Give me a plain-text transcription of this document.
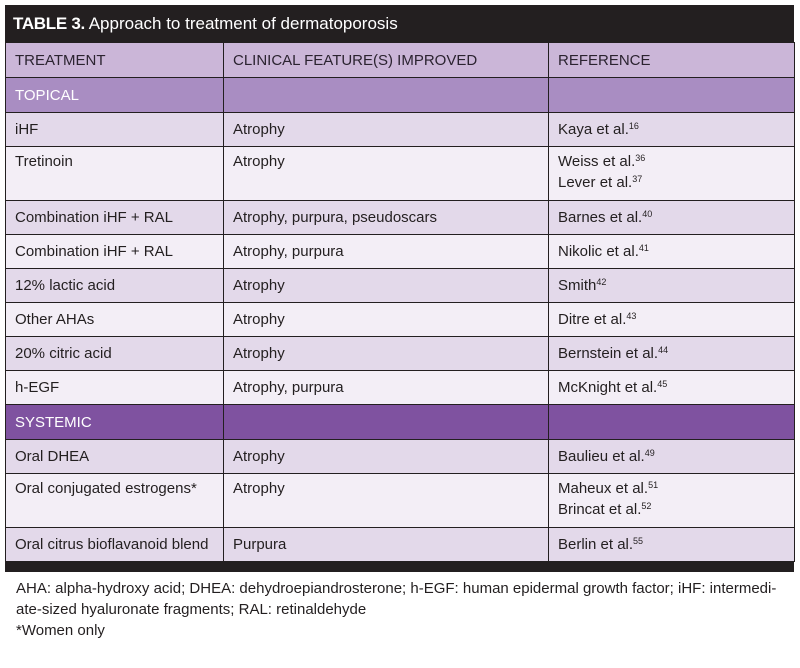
TABLE 3. Approach to treatment of dermatoporosis
TREATMENT	CLINICAL FEATURE(S) IMPROVED	REFERENCE
TOPICAL		
iHF	Atrophy	Kaya et al.$^{16}$

Tretinoin	Atrophy	Weiss et al.$^{36}$
Lever et al.$^{37}$

Combination iHF + RAL	Atrophy, purpura, pseudoscars	Barnes et al.$^{40}$

Combination iHF + RAL	Atrophy, purpura	Nikolic et al.$^{41}$

12% lactic acid	Atrophy	Smith$^{42}$

Other AHAs	Atrophy	Ditre et al.$^{43}$

20% citric acid	Atrophy	Bernstein et al.$^{44}$

h-EGF	Atrophy, purpura	McKnight et al.$^{45}$

SYSTEMIC		
Oral DHEA	Atrophy	Baulieu et al.$^{49}$

Oral conjugated estrogens*	Atrophy	Maheux et al.$^{51}$
Brincat et al.$^{52}$

Oral citrus bioflavanoid blend	Purpura	Berlin et al.$^{55}$
AHA: alpha-hydroxy acid; DHEA: dehydroepiandrosterone; h-EGF: human epidermal growth factor; iHF: intermedi-
ate-sized hyaluronate fragments; RAL: retinaldehyde
*Women only
